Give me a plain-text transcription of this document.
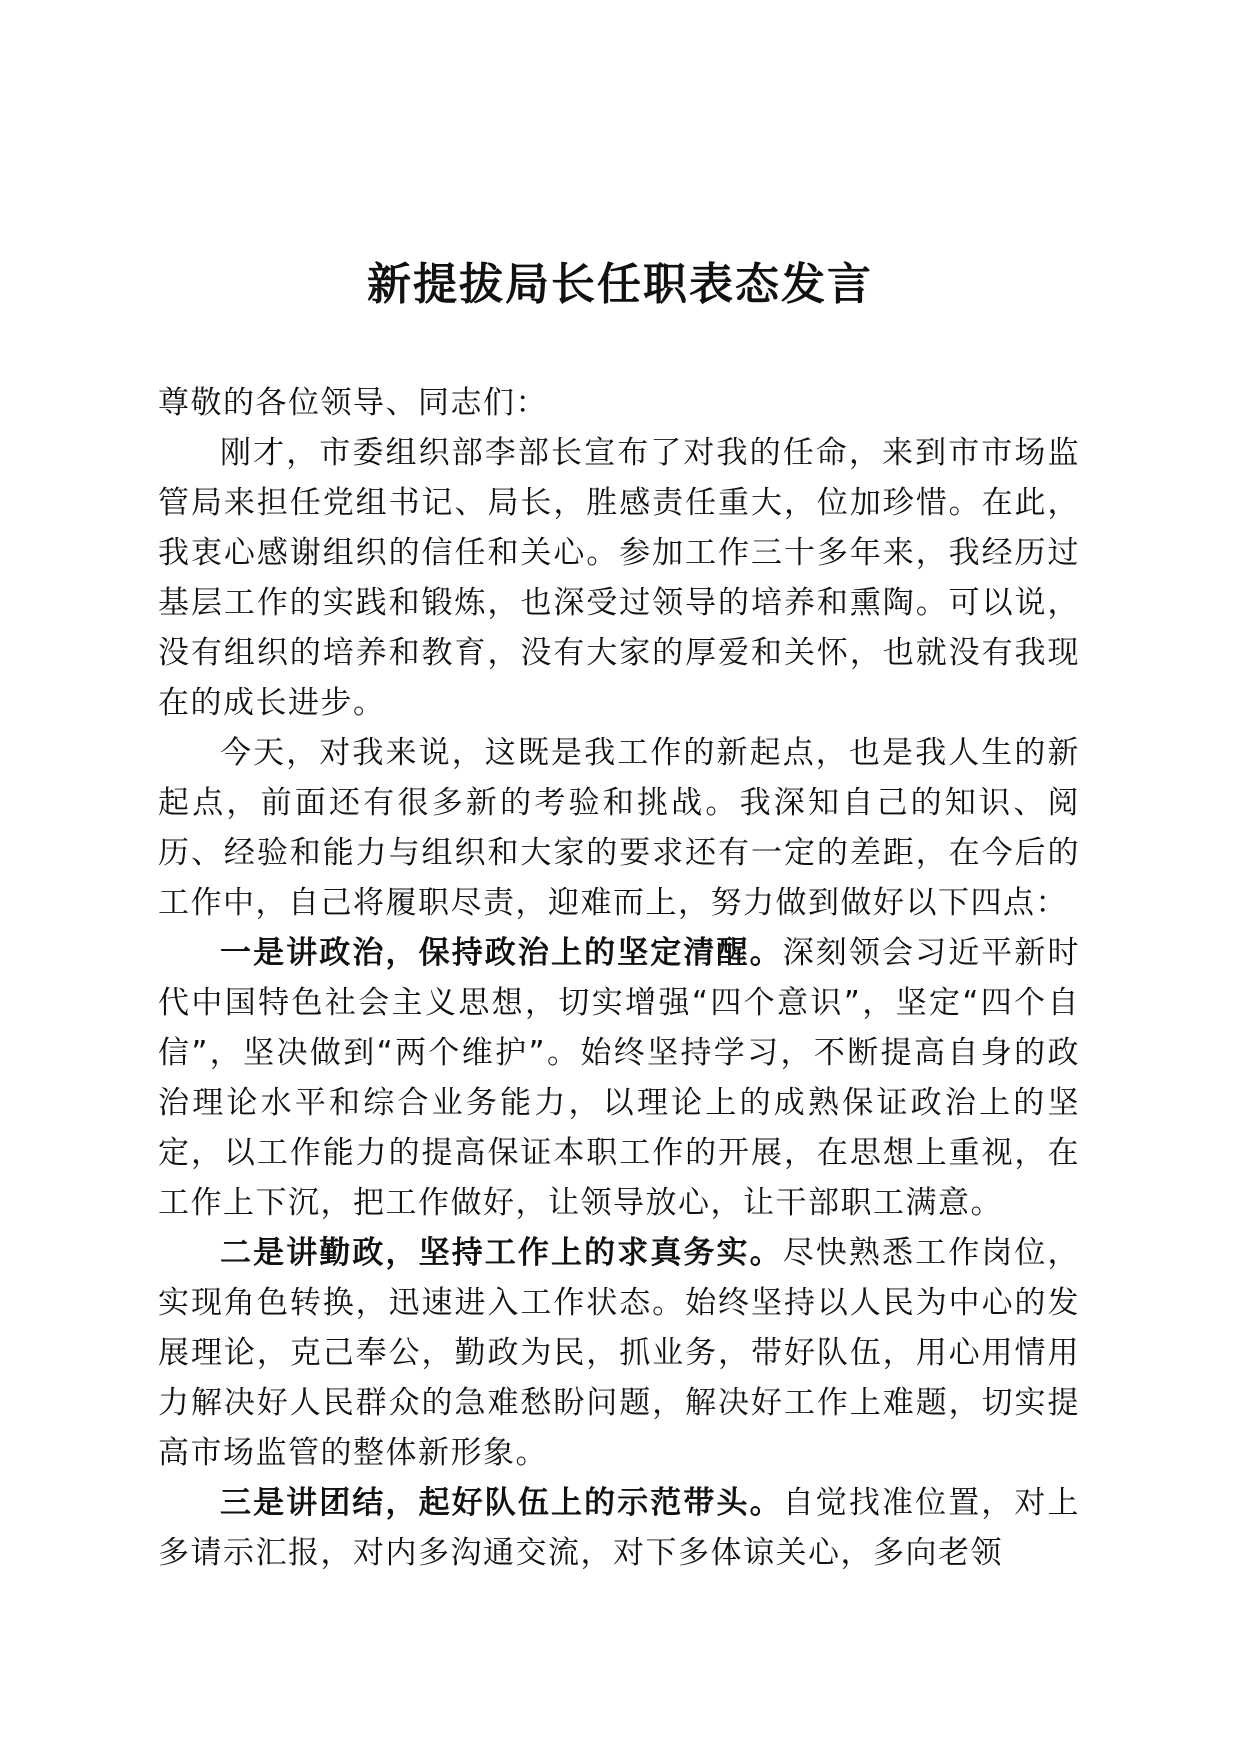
新提拔局长任职表态发言

尊敬的各位领导、同志们：

刚才，市委组织部李部长宣布了对我的任命，来到市市场监管局来担任党组书记、局长，胜感责任重大，位加珍惜。在此，我衷心感谢组织的信任和关心。参加工作三十多年来，我经历过基层工作的实践和锻炼，也深受过领导的培养和熏陶。可以说，没有组织的培养和教育，没有大家的厚爱和关怀，也就没有我现在的成长进步。

今天，对我来说，这既是我工作的新起点，也是我人生的新起点，前面还有很多新的考验和挑战。我深知自己的知识、阅历、经验和能力与组织和大家的要求还有一定的差距，在今后的工作中，自己将履职尽责，迎难而上，努力做到做好以下四点：

一是讲政治，保持政治上的坚定清醒。深刻领会习近平新时代中国特色社会主义思想，切实增强“四个意识”，坚定“四个自信”，坚决做到“两个维护”。始终坚持学习，不断提高自身的政治理论水平和综合业务能力，以理论上的成熟保证政治上的坚定，以工作能力的提高保证本职工作的开展，在思想上重视，在工作上下沉，把工作做好，让领导放心，让干部职工满意。

二是讲勤政，坚持工作上的求真务实。尽快熟悉工作岗位，实现角色转换，迅速进入工作状态。始终坚持以人民为中心的发展理论，克己奉公，勤政为民，抓业务，带好队伍，用心用情用力解决好人民群众的急难愁盼问题，解决好工作上难题，切实提高市场监管的整体新形象。

三是讲团结，起好队伍上的示范带头。自觉找准位置，对上多请示汇报，对内多沟通交流，对下多体谅关心，多向老领
